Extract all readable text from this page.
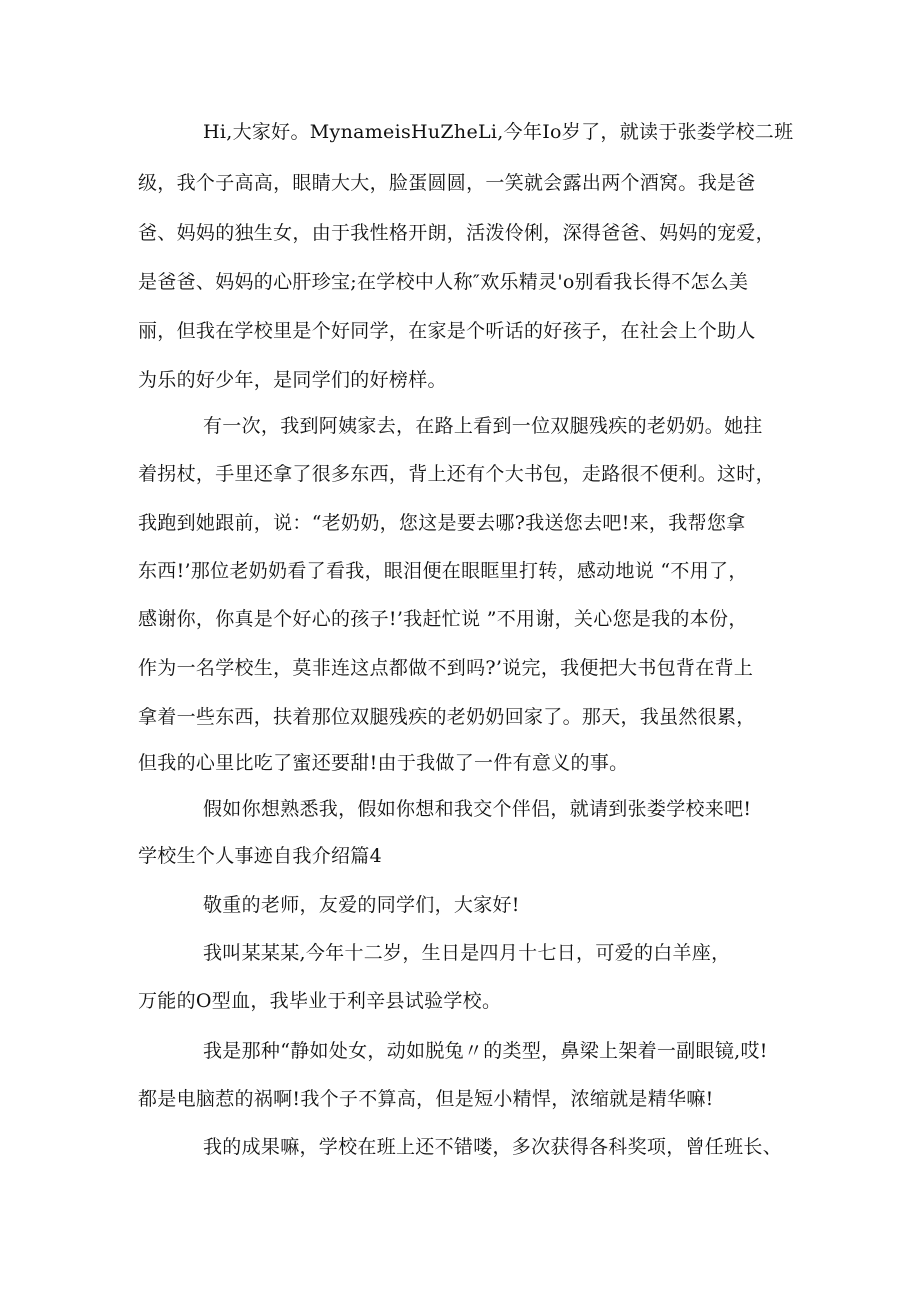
Hi,大家好。MynameisHuZheLi,今年Io岁了，就读于张娄学校二班
级，我个子高高，眼睛大大，脸蛋圆圆，一笑就会露出两个酒窝。我是爸
爸、妈妈的独生女，由于我性格开朗，活泼伶俐，深得爸爸、妈妈的宠爱，
是爸爸、妈妈的心肝珍宝;在学校中人称″欢乐精灵'o别看我长得不怎么美
丽，但我在学校里是个好同学，在家是个听话的好孩子，在社会上个助人
为乐的好少年，是同学们的好榜样。
有一次，我到阿姨家去，在路上看到一位双腿残疾的老奶奶。她拄
着拐杖，手里还拿了很多东西，背上还有个大书包，走路很不便利。这时，
我跑到她跟前，说：“老奶奶，您这是要去哪?我送您去吧!来，我帮您拿
东西!’那位老奶奶看了看我，眼泪便在眼眶里打转，感动地说 “不用了，
感谢你，你真是个好心的孩子!’我赶忙说 ”不用谢，关心您是我的本份，
作为一名学校生，莫非连这点都做不到吗?’说完，我便把大书包背在背上
拿着一些东西，扶着那位双腿残疾的老奶奶回家了。那天，我虽然很累，
但我的心里比吃了蜜还要甜!由于我做了一件有意义的事。
假如你想熟悉我，假如你想和我交个伴侣，就请到张娄学校来吧!
学校生个人事迹自我介绍篇4
敬重的老师，友爱的同学们，大家好!
我叫某某某,今年十二岁，生日是四月十七日，可爱的白羊座，
万能的O型血，我毕业于利辛县试验学校。
我是那种“静如处女，动如脱兔〃的类型，鼻梁上架着一副眼镜,哎!
都是电脑惹的祸啊!我个子不算高，但是短小精悍，浓缩就是精华嘛!
我的成果嘛，学校在班上还不错喽，多次获得各科奖项，曾任班长、
